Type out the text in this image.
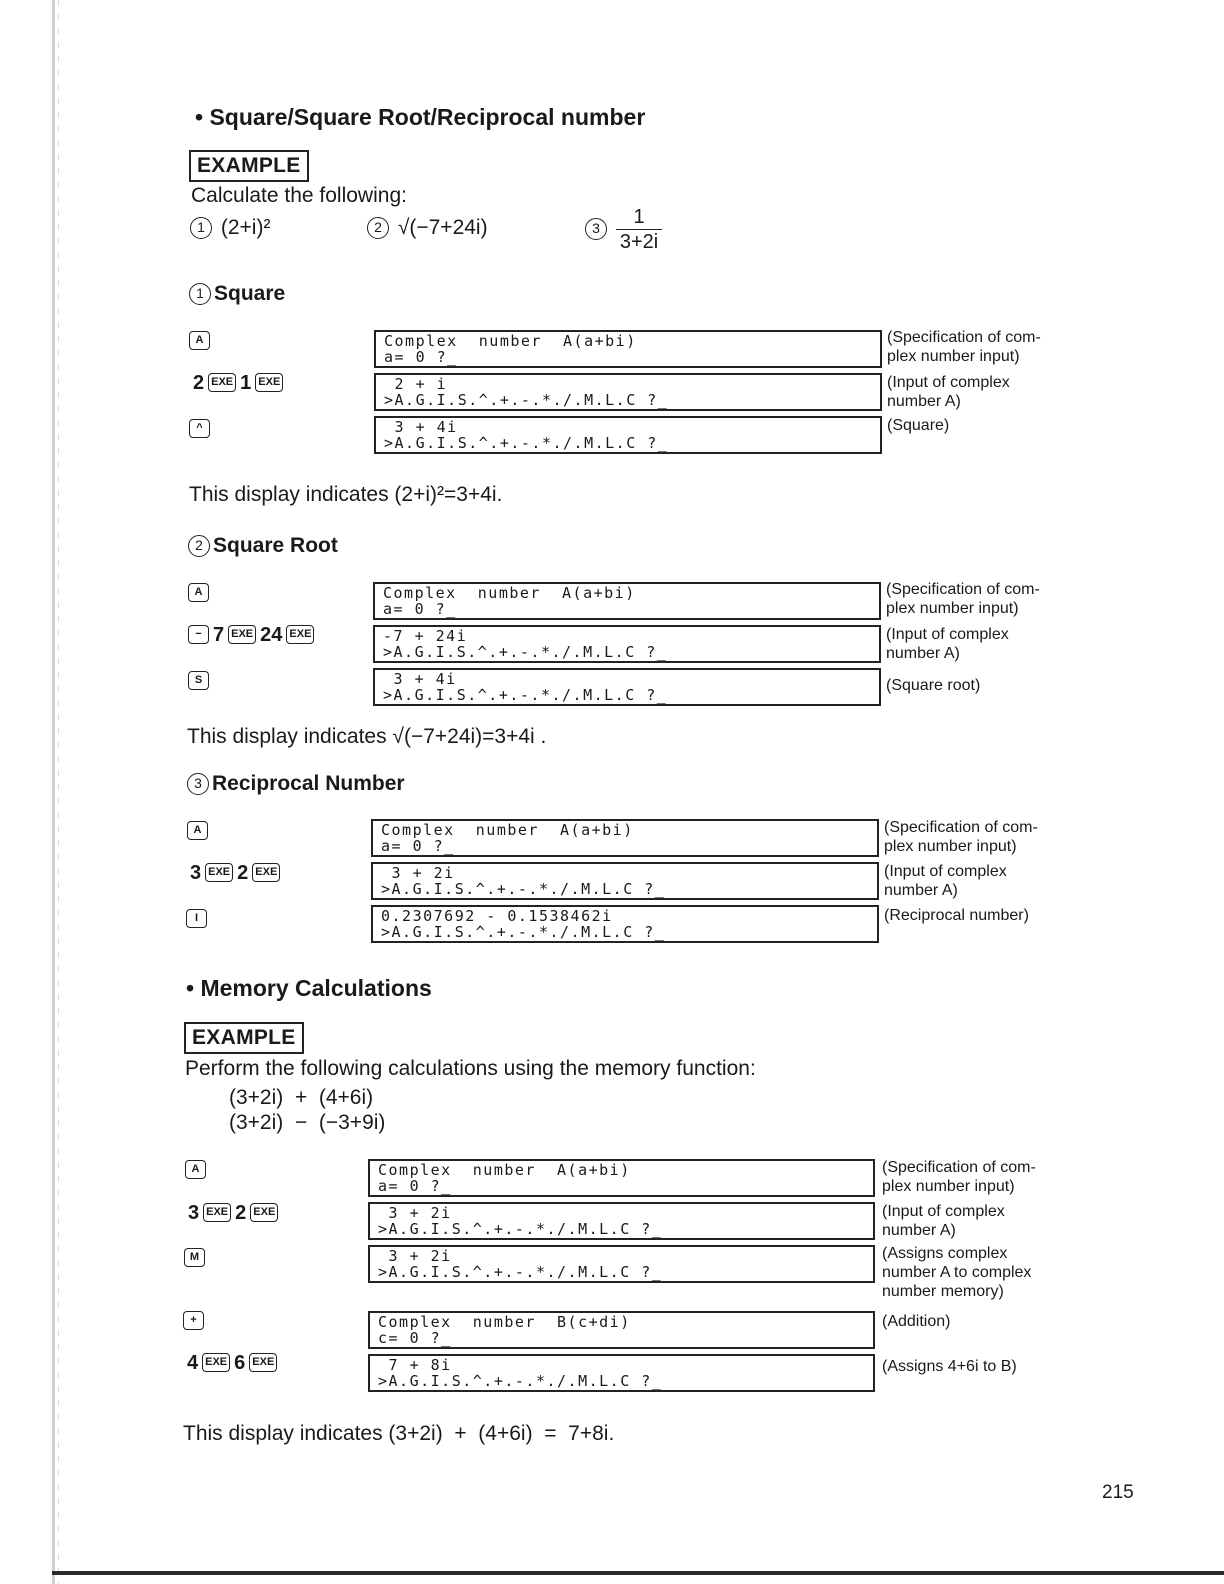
• Square/Square Root/Reciprocal number
EXAMPLE
Calculate the following:
1 (2+i)²	2 √(−7+24i)	$3 \frac{1}{3+2i}$
1 Square
A	Complex  number  A(a+bi)
a= 0 ?_
(Specification of com-
plex number input)
2 EXE 1 EXE	2 + i
>A.G.I.S.^.+.-.*./.M.L.C ?_
(Input of complex
number A)
^	3 + 4i
>A.G.I.S.^.+.-.*./.M.L.C ?_
(Square)
This display indicates (2+i)²=3+4i.
2 Square Root
A	Complex  number  A(a+bi)
a= 0 ?_
(Specification of com-
plex number input)
− 7 EXE 24 EXE	-7 + 24i
>A.G.I.S.^.+.-.*./.M.L.C ?_
(Input of complex
number A)
S	3 + 4i
>A.G.I.S.^.+.-.*./.M.L.C ?_
(Square root)
This display indicates √(−7+24i)=3+4i .
3 Reciprocal Number
A	Complex  number  A(a+bi)
a= 0 ?_
(Specification of com-
plex number input)
3 EXE 2 EXE	3 + 2i
>A.G.I.S.^.+.-.*./.M.L.C ?_
(Input of complex
number A)
I	0.2307692 - 0.1538462i
>A.G.I.S.^.+.-.*./.M.L.C ?_
(Reciprocal number)
• Memory Calculations
EXAMPLE
Perform the following calculations using the memory function:
(3+2i)  +  (4+6i)
(3+2i)  −  (−3+9i)
A	Complex  number  A(a+bi)
a= 0 ?_
(Specification of com-
plex number input)
3 EXE 2 EXE	3 + 2i
>A.G.I.S.^.+.-.*./.M.L.C ?_
(Input of complex
number A)
M	3 + 2i
>A.G.I.S.^.+.-.*./.M.L.C ?_
(Assigns complex
number A to complex
number memory)
+	Complex  number  B(c+di)
c= 0 ?_
(Addition)
4 EXE 6 EXE	7 + 8i
>A.G.I.S.^.+.-.*./.M.L.C ?_
(Assigns 4+6i to B)
This display indicates (3+2i)  +  (4+6i)  =  7+8i.
215
